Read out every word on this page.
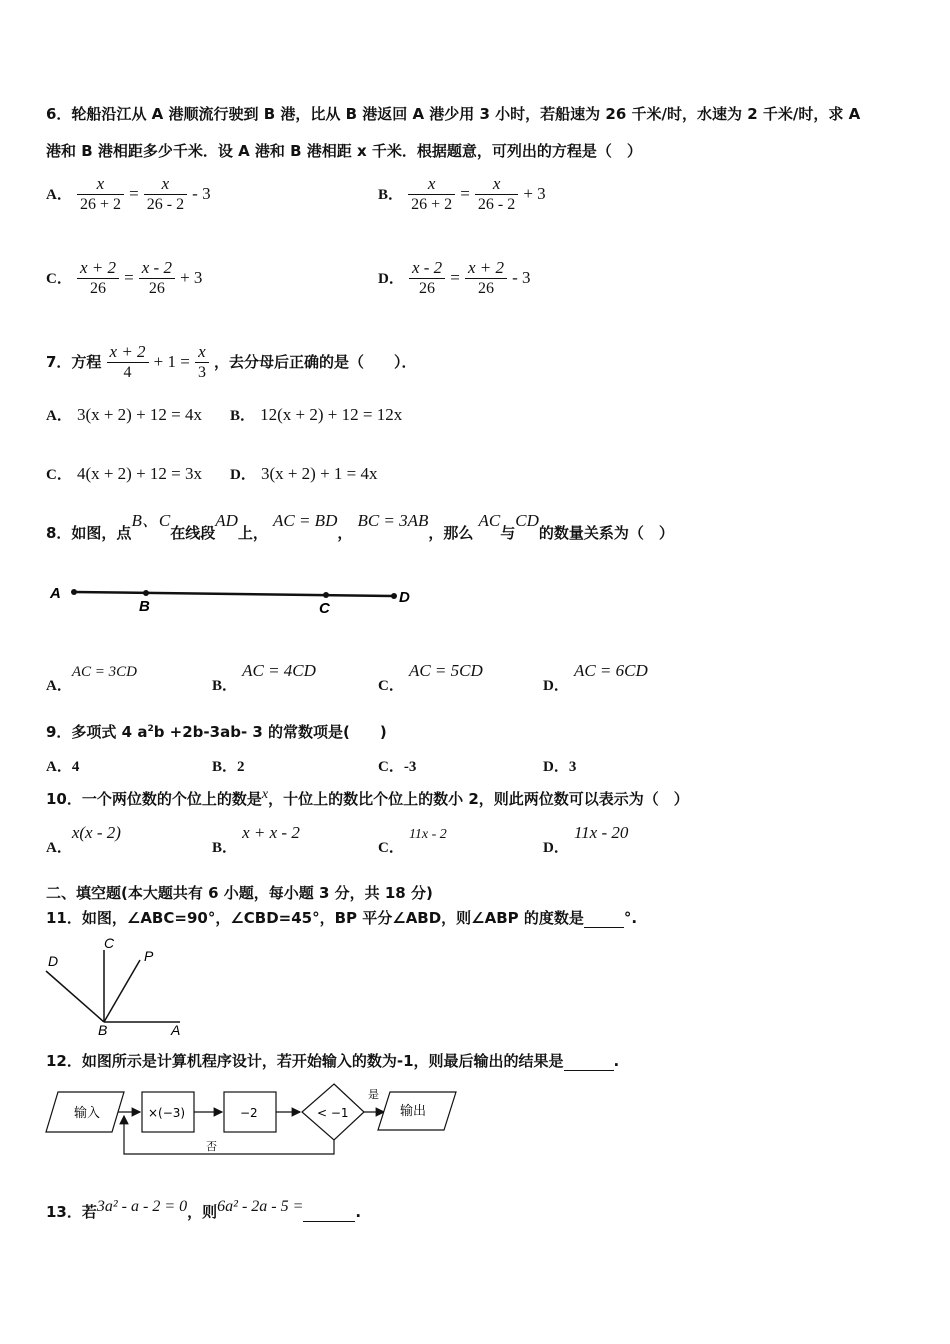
6．轮船沿江从 A 港顺流行驶到 B 港，比从 B 港返回 A 港少用 3 小时，若船速为 26 千米/时，水速为 2 千米/时，求 A
港和 B 港相距多少千米．设 A 港和 B 港相距 x 千米．根据题意，可列出的方程是（　）
A． $\frac{x}{26 + 2} = \frac{x}{26 - 2} - 3$	B． $\frac{x}{26 + 2} = \frac{x}{26 - 2} + 3$
C． $\frac{x + 2}{26} = \frac{x - 2}{26} + 3$	D． $\frac{x - 2}{26} = \frac{x + 2}{26} - 3$
7．方程 $\frac{x + 2}{4} + 1 = \frac{x}{3}$ ，去分母后正确的是（　　）．
A． 3(x + 2) + 12 = 4x B． 12(x + 2) + 12 = 12x
C． 4(x + 2) + 12 = 3x D． 3(x + 2) + 1 = 4x
8．如图，点B、C在线段AD上， AC = BD， BC = 3AB，那么 AC与CD的数量关系为（　）
A
B	C
D
A．AC = 3CD
B． AC = 4CD
C． AC = 5CD
D． AC = 6CD
9．多项式 4 $a^2b +2b-3ab-$ 3 的常数项是(　　)
A．4	B．2	C．-3	D．3
10．一个两位数的个位上的数是x，十位上的数比个位上的数小 2，则此两位数可以表示为（　）
A．x(x - 2)
B． x + x - 2
C． 11x - 2
D． 11x - 20
二、填空题(本大题共有 6 小题，每小题 3 分，共 18 分)
11．如图，∠ABC=90°，∠CBD=45°，BP 平分∠ABD，则∠ABP 的度数是	°.
D
C
P
B	A
12．如图所示是计算机程序设计，若开始输入的数为-1，则最后输出的结果是	.
输入	×(−3)	−2	< −1
是
输出
否
13．若3a² - a - 2 = 0，则6a² - 2a - 5 =	.
